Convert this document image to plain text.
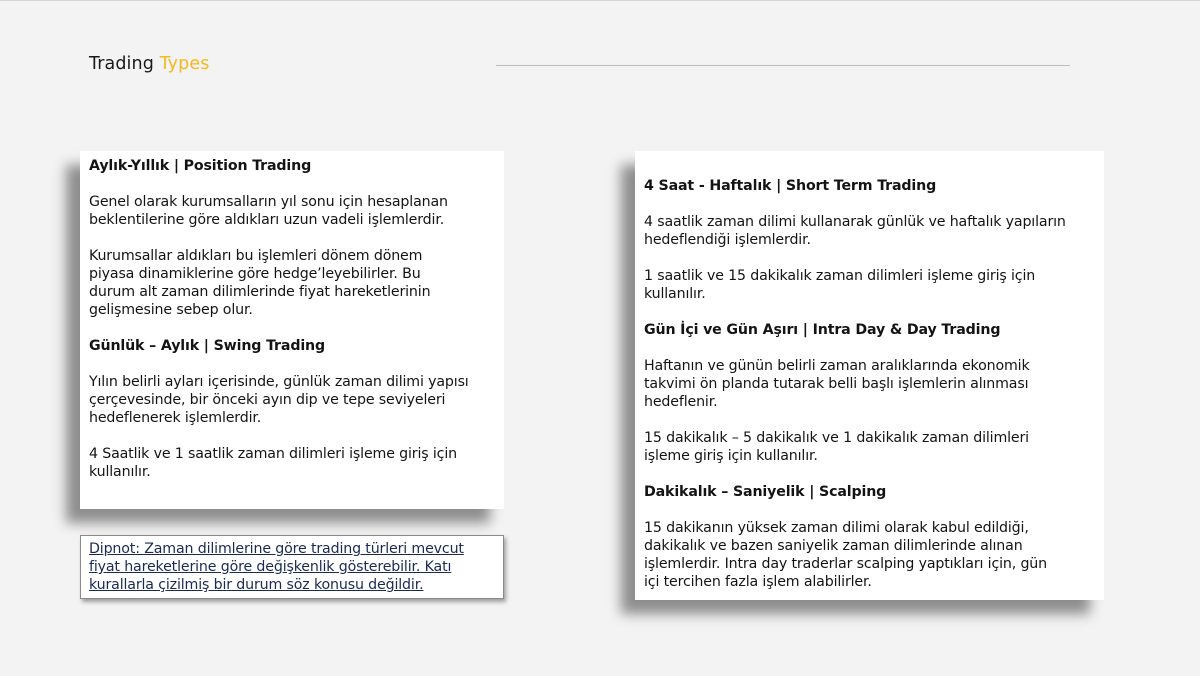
Trading Types

Aylık-Yıllık | Position Trading

Genel olarak kurumsalların yıl sonu için hesaplanan
beklentilerine göre aldıkları uzun vadeli işlemlerdir.

Kurumsallar aldıkları bu işlemleri dönem dönem
piyasa dinamiklerine göre hedge’leyebilirler. Bu
durum alt zaman dilimlerinde fiyat hareketlerinin
gelişmesine sebep olur.

Günlük – Aylık | Swing Trading

Yılın belirli ayları içerisinde, günlük zaman dilimi yapısı
çerçevesinde, bir önceki ayın dip ve tepe seviyeleri
hedeflenerek işlemlerdir.

4 Saatlik ve 1 saatlik zaman dilimleri işleme giriş için
kullanılır.

Dipnot: Zaman dilimlerine göre trading türleri mevcut
fiyat hareketlerine göre değişkenlik gösterebilir. Katı
kurallarla çizilmiş bir durum söz konusu değildir.

4 Saat - Haftalık | Short Term Trading

4 saatlik zaman dilimi kullanarak günlük ve haftalık yapıların
hedeflendiği işlemlerdir.

1 saatlik ve 15 dakikalık zaman dilimleri işleme giriş için
kullanılır.

Gün İçi ve Gün Aşırı | Intra Day & Day Trading

Haftanın ve günün belirli zaman aralıklarında ekonomik
takvimi ön planda tutarak belli başlı işlemlerin alınması
hedeflenir.

15 dakikalık – 5 dakikalık ve 1 dakikalık zaman dilimleri
işleme giriş için kullanılır.

Dakikalık – Saniyelik | Scalping

15 dakikanın yüksek zaman dilimi olarak kabul edildiği,
dakikalık ve bazen saniyelik zaman dilimlerinde alınan
işlemlerdir. Intra day traderlar scalping yaptıkları için, gün
içi tercihen fazla işlem alabilirler.
